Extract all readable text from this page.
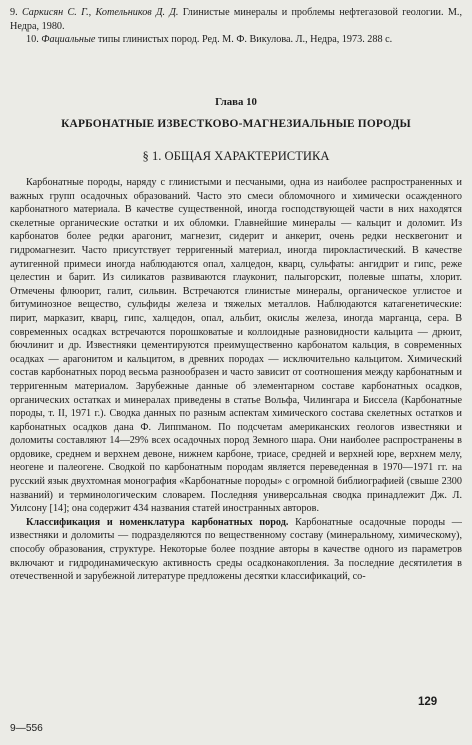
9. Саркисян С. Г., Котельников Д. Д. Глинистые минералы и проблемы нефтегазовой геологии. М., Недра, 1980.

10. Фациальные типы глинистых пород. Ред. М. Ф. Викулова. Л., Недра, 1973. 288 с.

Глава 10
КАРБОНАТНЫЕ ИЗВЕСТКОВО-МАГНЕЗИАЛЬНЫЕ ПОРОДЫ
§ 1. ОБЩАЯ ХАРАКТЕРИСТИКА

Карбонатные породы, наряду с глинистыми и песчаными, одна из наиболее распространенных и важных групп осадочных образований. Часто это смеси обломочного и химически осажденного карбонатного материала. В качестве существенной, иногда господствующей части в них находятся скелетные органические остатки и их обломки. Главнейшие минералы — кальцит и доломит. Из карбонатов более редки арагонит, магнезит, сидерит и анкерит, очень редки несквегонит и гидромагнезит. Часто присутствует терригенный материал, иногда пирокластический. В качестве аутигенной примеси иногда наблюдаются опал, халцедон, кварц, сульфаты: ангидрит и гипс, реже целестин и барит. Из силикатов развиваются глауконит, палыгорскит, полевые шпаты, хлорит. Отмечены флюорит, галит, сильвин. Встречаются глинистые минералы, органическое углистое и битуминозное вещество, сульфиды железа и тяжелых металлов. Наблюдаются катагенетические: пирит, марказит, кварц, гипс, халцедон, опал, альбит, окислы железа, иногда марганца, сера. В современных осадках встречаются порошковатые и коллоидные разновидности кальцита — дрюит, бючлинит и др. Известняки цементируются преимущественно карбонатом кальция, в современных осадках — арагонитом и кальцитом, в древних породах — исключительно кальцитом. Химический состав карбонатных пород весьма разнообразен и часто зависит от соотношения между карбонатным и терригенным материалом. Зарубежные данные об элементарном составе карбонатных осадков, органических остатках и минералах приведены в статье Вольфа, Чилингара и Биссела (Карбонатные породы, т. II, 1971 г.). Сводка данных по разным аспектам химического состава скелетных остатков и карбонатных осадков дана Ф. Липпманом. По подсчетам американских геологов известняки и доломиты составляют 14—29% всех осадочных пород Земного шара. Они наиболее распространены в ордовике, среднем и верхнем девоне, нижнем карбоне, триасе, средней и верхней юре, верхнем мелу, неогене и палеогене. Сводкой по карбонатным породам является переведенная в 1970—1971 гг. на русский язык двухтомная монография «Карбонатные породы» с огромной библиографией (свыше 2300 названий) и терминологическим словарем. Последняя универсальная сводка принадлежит Дж. Л. Уилсону [14]; она содержит 434 названия статей иностранных авторов.

Классификация и номенклатура карбонатных пород. Карбонатные осадочные породы — известняки и доломиты — подразделяются по вещественному составу (минеральному, химическому), способу образования, структуре. Некоторые более поздние авторы в качестве одного из параметров включают и гидродинамическую активность среды осадконакопления. За последние десятилетия в отечественной и зарубежной литературе предложены десятки классификаций, со-

129
9—556
